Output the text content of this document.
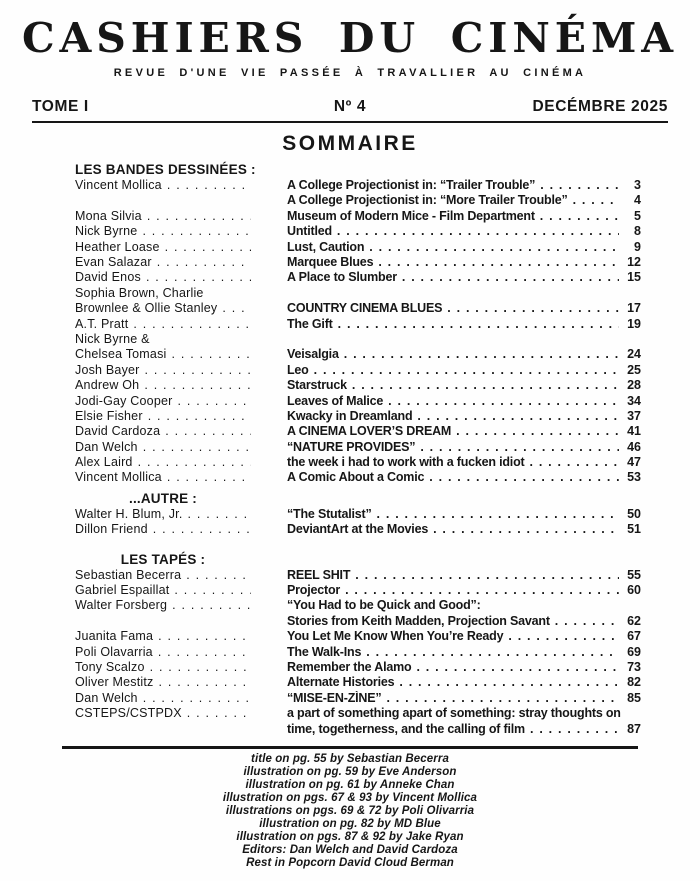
CASHIERS DU CINÉMA
REVUE D'UNE VIE PASSÉE À TRAVALLIER AU CINÉMA
TOME I	Nº 4	DECÉMBRE 2025
SOMMAIRE
LES BANDES DESSINÉES :
Vincent Mollica . . .	A College Projectionist in: “Trailer Trouble” . . .	3
A College Projectionist in: “More Trailer Trouble” . . .	4
Mona Silvia . . .	Museum of Modern Mice - Film Department . . .	5
Nick Byrne . . .	Untitled . . .	8
Heather Loase . . .	Lust, Caution . . .	9
Evan Salazar . . .	Marquee Blues . . .	12
David Enos . . .	A Place to Slumber . . .	15
Sophia Brown, Charlie
Brownlee & Ollie Stanley . . .	COUNTRY CINEMA BLUES . . .	17
A.T. Pratt . . .	The Gift . . .	19
Nick Byrne &
Chelsea Tomasi . . .	Veisalgia . . .	24
Josh Bayer . . .	Leo . . .	25
Andrew Oh . . .	Starstruck . . .	28
Jodi-Gay Cooper . . .	Leaves of Malice . . .	34
Elsie Fisher . . .	Kwacky in Dreamland . . .	37
David Cardoza . . .	A CINEMA LOVER’S DREAM . . .	41
Dan Welch . . .	“NATURE PROVIDES” . . .	46
Alex Laird . . .	the week i had to work with a fucken idiot . . .	47
Vincent Mollica . . .	A Comic About a Comic . . .	53
...AUTRE :
Walter H. Blum, Jr. . . .	“The Stutalist” . . .	50
Dillon Friend . . .	DeviantArt at the Movies . . .	51
LES TAPÉS :
Sebastian Becerra . . .	REEL SHIT . . .	55
Gabriel Espaillat . . .	Projector . . .	60
Walter Forsberg . . .	“You Had to be Quick and Good”:
Stories from Keith Madden, Projection Savant . . .	62
Juanita Fama . . .	You Let Me Know When You’re Ready . . .	67
Poli Olavarria . . .	The Walk-Ins . . .	69
Tony Scalzo . . .	Remember the Alamo . . .	73
Oliver Mestitz . . .	Alternate Histories . . .	82
Dan Welch . . .	“MISE-EN-ZÌNE” . . .	85
CSTEPS/CSTPDX . . .	a part of something apart of something: stray thoughts on
time, togetherness, and the calling of film . . .	87
title on pg. 55 by Sebastian Becerra
illustration on pg. 59 by Eve Anderson
illustration on pg. 61 by Anneke Chan
illustration on pgs. 67 & 93 by Vincent Mollica
illustrations on pgs. 69 & 72 by Poli Olivarria
illustration on pg. 82 by MD Blue
illustration on pgs. 87 & 92 by Jake Ryan
Editors: Dan Welch and David Cardoza
Rest in Popcorn David Cloud Berman
